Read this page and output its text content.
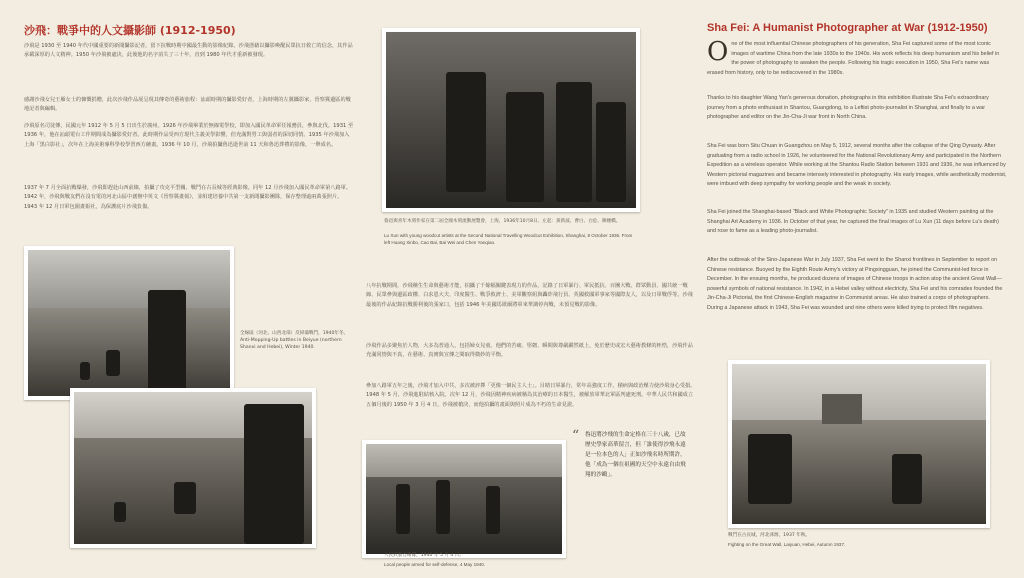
沙飛：戰爭中的人文攝影師 (1912-1950)
沙飛是 1930 至 1940 年代中國重要的新聞攝影記者，留下抗戰時期中國最生動的影像紀錄。沙飛憑藉以攝影喚醒民眾抗日救亡的信念，其作品承載深厚的人文精神。1950 年沙飛被處決，此後他的名字消失了三十年，直到 1980 年代才重新被發現。
感謝沙飛女兒王雁女士的慷慨捐贈，此次沙飛作品展呈現其傳奇的藝術旅程：汕頭時期的攝影愛好者，上海時期的左翼攝影家，晉察冀邊區的戰地記者與編輯。
沙飛原名司徒傳，民國元年 1912 年 5 月 5 日出生於廣州。1926 年沙飛畢業於無線電學校，即加入國民革命軍任報務員，參與北伐。1931 至 1936 年，他在汕頭電台工作期間成為攝影愛好者。此時期作品受西方現代主義美學影響，但充滿對勞工與弱者的深切同情。1935 年沙飛加入上海「黑白影社」，次年在上海美術專科學校學習西方繪畫。1936 年 10 月，沙飛拍攝魯迅逝世前 11 天和魯迅葬禮的影像，一舉成名。
1937 年 7 月全面抗戰爆發，沙飛即趕赴山西前線，拍攝了攻克平型關、戰鬥在古長城等經典影像。同年 12 月沙飛加入國民革命軍第八路軍。1942 年，沙飛與戰友們在沒有電的河北山區中創辦中英文《晉察冀畫報》，並組建培養中共第一支新聞攝影團隊，保存整理逾兩萬張照片。1943 年 12 月日軍包圍畫報社，為保護底片沙飛負傷。
全線區（河北、山西北部）反掃蕩戰鬥，1940年冬。Anti-Mopping-Up battles in Beiyue (northern Shanxi and Hebei), Winter 1940.
魯迅與青年木刻作家在第二屆全國木刻流動展覽會，上海，1936年10月8日。左起：黃新波、曹白、白危、陳煙橋。
Lu Xun with young woodcut artists at the Second National Travelling Woodcut Exhibition, Shanghai, 8 October 1936. From left Huang Xinbo, Cao Bai, Bai Wei and Chen Yanqiao.
八年抗戰期間，沙飛稱生生命與藝術才能，拍攝了千餘幅關鍵表現力的作品，記錄了日軍暴行、軍民抵抗、百團大戰、群眾動員、國共統一戰線、民眾參與邊區政權、白求恩大夫、印度醫生、戰爭救濟士、美軍觀察組與轟炸飛行員、英國救國軍事家等國際友人，以及日軍戰俘等。沙飛最後的作品紀錄抗戰勝利後的張家口，包括 1946 年美國馬歇爾將軍來華調停內戰，未預見戰的影像。
沙飛作品多聚焦於人物，大多為普通人，包括婦女兒童。他們的苦痛、堅韌、瞬間與尊嚴躍然紙上，免於歷史或宏大藝術教條的桎梏，沙飛作品充滿同情與不真，在藝術、真實與宣傳之間取得微妙的平衡。
參加八路軍五年之後，沙飛才加入中共，多次被評擇「更像一個民主人士」。目睹日軍暴行，常年高強度工作，積病與政治壓力使沙飛身心受損。1948 年 5 月，沙飛進駐結核入院。次年 12 月，沙飛因精神疾病被稱為其治療的日本醫生，被解放軍華北軍區判處死刑。中華人民共和國成立五個月後的 1950 年 3 月 4 日，沙飛被槍決，而他拍攝的畫面與照片成為不朽的生命見證。
人民武裝自衛隊，1940 年 5 月 4 日。
Local people armed for self-defense, 4 May 1940.
“ 魯迅將沙飛的生命定格在三十八歲，已故歷史學家高華留言，但「誰使得沙飛永遠是一位本色的人」正如沙飛名時所期許，他「成為一個在祖國的天空中永遠自由飛翔的沙鷗」。
Sha Fei: A Humanist Photographer at War (1912-1950)
O ne of the most influential Chinese photographers of his generation, Sha Fei captured some of the most iconic images of wartime China from the late 1930s to the 1940s. His work reflects his deep humanism and his belief in the power of photography to awaken the people. Following his tragic execution in 1950, Sha Fei's name was erased from history, only to be rediscovered in the 1980s.
Thanks to his daughter Wang Yan's generous donation, photographs in this exhibition illustrate Sha Fei's extraordinary journey from a photo enthusiast in Shantou, Guangdong, to a Leftist photo-journalist in Shanghai, and finally to a war photographer and editor on the Jin-Cha-Ji war front in North China.
Sha Fei was born Situ Chuan in Guangzhou on May 5, 1912, several months after the collapse of the Qing Dynasty. After graduating from a radio school in 1926, he volunteered for the National Revolutionary Army and participated in the Northern Expedition as a wireless operator. While working at the Shantou Radio Station between 1931 and 1936, he was influenced by Western pictorial magazines and became intensely interested in photography. His early images, while aesthetically modernist, were imbued with deep sympathy for working people and the weak in society.
Sha Fei joined the Shanghai-based "Black and White Photographic Society" in 1935 and studied Western painting at the Shanghai Art Academy in 1936. In October of that year, he captured the final images of Lu Xun (11 days before Lu's death) and rose to fame as a leading photo-journalist.
After the outbreak of the Sino-Japanese War in July 1937, Sha Fei went to the Shanxi frontlines in September to report on Chinese resistance. Buoyed by the Eighth Route Army's victory at Pingxingguan, he joined the Communist-led force in December. In the ensuing months, he produced dozens of images of Chinese troops in action atop the ancient Great Wall—powerful symbols of national resistance. In 1942, in a Hebei valley without electricity, Sha Fei and his comrades founded the Jin-Cha-Ji Pictorial, the first Chinese-English magazine in Communist areas. He also trained a corps of photographers. During a Japanese attack in 1943, Sha Fei was wounded and nine others were killed trying to protect film negatives.
戰鬥在古長城，河北淶源，1937 年秋。
Fighting on the Great Wall, Laiyuan, Hebei, Autumn 1937.
